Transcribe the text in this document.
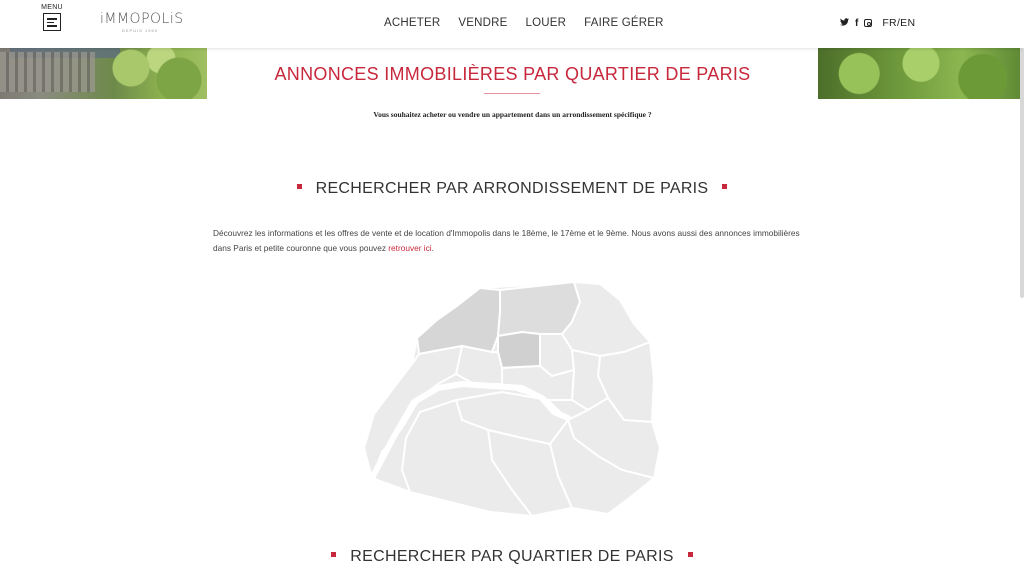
MENU
iMMOPOLiS
DEPUIS 1969
ACHETER VENDRE LOUER FAIRE GÉRER	f FR/EN
ANNONCES IMMOBILIÈRES PAR QUARTIER DE PARIS
Vous souhaitez acheter ou vendre un appartement dans un arrondissement spécifique ?
RECHERCHER PAR ARRONDISSEMENT DE PARIS
Découvrez les informations et les offres de vente et de location d'Immopolis dans le 18ème, le 17ème et le 9ème. Nous avons aussi des annonces immobilières dans Paris et petite couronne que vous pouvez retrouver ici.
RECHERCHER PAR QUARTIER DE PARIS
